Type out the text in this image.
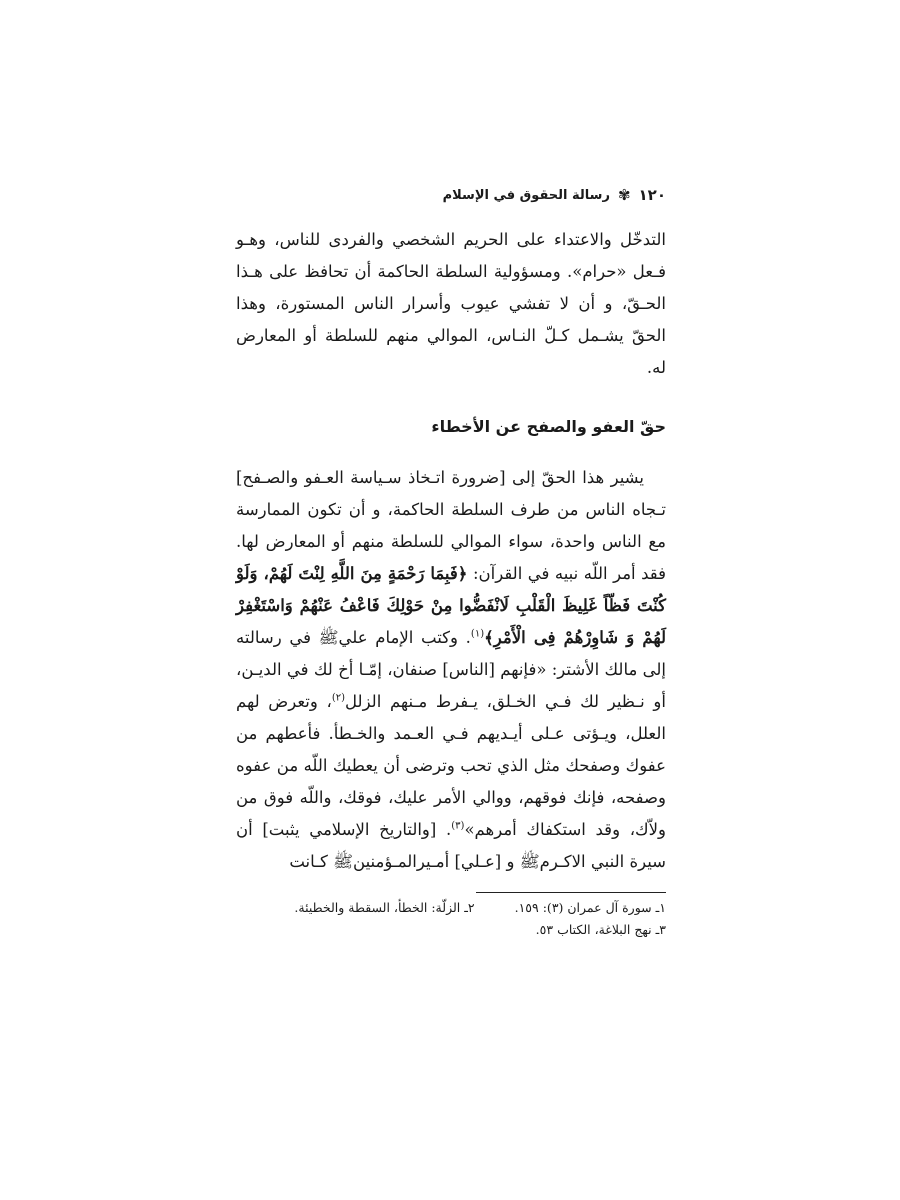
١٢٠
✾
رسالة الحقوق في الإسلام

التدخّل والاعتداء على الحريم الشخصي والفردى للناس، وهـو فـعل «حرام». ومسؤولية السلطة الحاكمة أن تحافظ على هـذا الحـقّ، و أن لا تفشي عيوب وأسرار الناس المستورة، وهذا الحقّ يشـمل كـلّ النـاس، الموالي منهم للسلطة أو المعارض له.

حقّ العفو والصفح عن الأخطاء

يشير هذا الحقّ إلى [ضرورة اتـخاذ سـياسة العـفو والصـفح] تـجاه الناس من طرف السلطة الحاكمة، و أن تكون الممارسة مع الناس واحدة، سواء الموالي للسلطة منهم أو المعارض لها. فقد أمر اللّه نبيه في القرآن: ﴿فَبِمَا رَحْمَةٍ مِنَ اللَّهِ لِنْتَ لَهُمْ، وَلَوْ كُنْتَ فَظّاً غَلِيظَ الْقَلْبِ لَانْفَضُّوا مِنْ حَوْلِكَ فَاعْفُ عَنْهُمْ وَاسْتَغْفِرْ لَهُمْ وَ شَاوِرْهُمْ فِى الْأَمْرِ﴾$^{(١)}$. وكتب الإمام عليﷺ في رسالته إلى مالك الأشتر: «فإنهم [الناس] صنفان، إمّـا أخ لك في الديـن، أو نـظير لك فـي الخـلق، يـفرط مـنهم الزلل$^{(٢)}$، وتعرض لهم العلل، ويـؤتى عـلى أيـديهم فـي العـمد والخـطأ. فأعطهم من عفوك وصفحك مثل الذي تحب وترضى أن يعطيك اللّه من عفوه وصفحه، فإنك فوقهم، ووالي الأمر عليك، فوقك، واللّه فوق من ولاّك، وقد استكفاك أمرهم»$^{(٣)}$. [والتاريخ الإسلامي يثبت] أن سيرة النبي الاكـرمﷺ و [عـلي] أمـيرالمـؤمنينﷺ كـانت

١ـ سورة آل عمران (٣): ١٥٩.
٢ـ الزلّة: الخطأ، السقطة والخطيئة.
٣ـ نهج البلاغة، الكتاب ٥٣.
